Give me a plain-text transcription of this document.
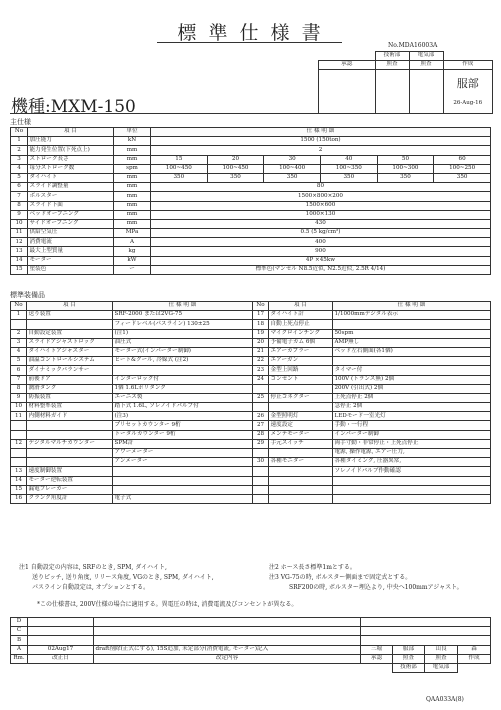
標 準 仕 様 書
No.MDA16003A
	技術部	電気部	
承認	照査	照査	作成

			服部
26-Aug-16
機種:MXM-150
主仕様
No	項 目	単位	仕 様 明 細					
1	加圧能力	kN	1500 (150ton)					
2	能力発生位置(下死点上)	mm	2					
3	ストローク長さ	mm	15	20	30	40	50	60
4	毎分ストローク数	spm	100~450	100~450	100~400	100~350	100~300	100~250
5	ダイハイト	mm	350	350	350	350	350	350
6	スライド調整量	mm	80					
7	ボルスター	mm	1500×800×200					
8	スライド下面	mm	1500×600					
9	ベッドオープニング	mm	1000×130					
10	サイドオープニング	mm	430					
11	供給空気圧	MPa	0.5 (5 kg/cm²)					
12	消費電流	A	400					
13	最大上型質量	kg	900					
14	モーター	kW	4P ×45kw					
15	塗装色	ー	標準色(マンセル N8.5近似, N2.5近似, 2.5R 4/14)					
標準装備品
No	項 目	仕 様 明 細	No	項 目	仕 様 明 細
1	送り装置	SRF-2000 または2VG-75	17	ダイハイト計	1/1000mmデジタル表示
		フィードレベル(パスライン) 130±25	18	自動上死点停止	
2	自動設定装置	(注1)	19	マイクロインチング	50spm
3	スライドアジャストロック	油圧式	20	予備電子カム 6個	AMP無し
4	ダイハイトアジャスター	モーター式(インバーター制御)	21	エアーカプラー	ベッド左右側面(各1個)
5	油温コントロールシステム	ヒート&クール, 冷媒式 (注2)	22	エアーガン	
6	ダイナミックバランサー		23	金型上回路	タイマー付
7	前後ドア	インターロック付	24	コンセント	100V (トランス無) 2個
8	潤滑タンク	1個 1.6Lポリタンク			200V (引出式) 2個
9	防振装置	エーニス製	25	停止コネクター	上死点停止 2個
10	材料整準装置	踏下式 1.6L, ソレノイドバルブ付			急停止 2個
11	内側材料ガイド	(注3)	26	金型照明灯	LEDモード一室光灯
		プリセットカウンター 9桁	27	速度設定	手動・一行程
		トータルカウンター 9桁	28	メンテモーター	インバーター制御
12	デジタルマルチカウンター	SPM計	29	手元スイッチ	両手寸動・非常停止・上死点停止
		アワーメーター			電源, 操作電源, エアー圧力,
		アンメーター	30	各種モニター	各種タイミング, 圧器異常,
13	速度制御装置				ソレノイドバルブ作動確認
14	モーター逆転装置				
15	漏電ブレーカー				
16	クランク角度計	電子式			
注1 自動設定の内容は, SRFのとき, SPM, ダイハイト,
送りピッチ, 送り角度, リリース角度, VGのとき, SPM, ダイハイト,
パスライン自動設定は, オプションとする。
注2 ホース長さ標準1mとする。
注3 VG-75の時, ボルスター側面まで固定式とする。
SRF200の時, ボルスター埋込より, 中央へ100mmアジャスト。
*この仕様書は, 200V仕様の場合に適用する。異電圧の時は, 消費電流及びコンセントが異なる。
D						
C						
B						
A	02Aug17	draft削除(正式にする), 15S追加, 未定部分(消費電流, モーター)記入	三堀	服部	山良	森
Rm.	改正日	改定内容	承認	照査	照査	作成
				技術部	電気部	
QAA033A(8)
